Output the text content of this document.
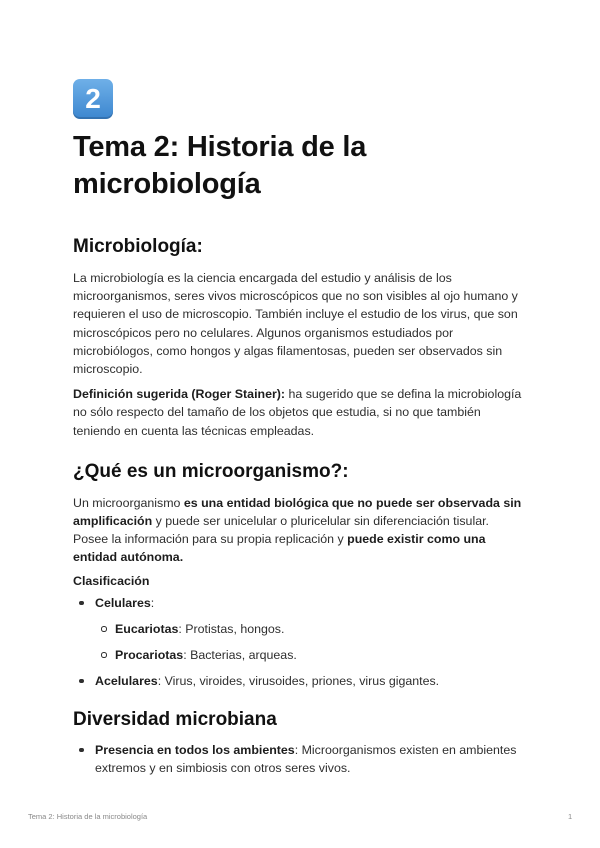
2
Tema 2: Historia de la microbiología
Microbiología:

La microbiología es la ciencia encargada del estudio y análisis de los microorganismos, seres vivos microscópicos que no son visibles al ojo humano y requieren el uso de microscopio. También incluye el estudio de los virus, que son microscópicos pero no celulares. Algunos organismos estudiados por microbiólogos, como hongos y algas filamentosas, pueden ser observados sin microscopio.

Definición sugerida (Roger Stainer): ha sugerido que se defina la microbiología no sólo respecto del tamaño de los objetos que estudia, si no que también teniendo en cuenta las técnicas empleadas.

¿Qué es un microorganismo?:

Un microorganismo es una entidad biológica que no puede ser observada sin amplificación y puede ser unicelular o pluricelular sin diferenciación tisular. Posee la información para su propia replicación y puede existir como una entidad autónoma.

Clasificación
Celulares:
Eucariotas: Protistas, hongos.
Procariotas: Bacterias, arqueas.
Acelulares: Virus, viroides, virusoides, priones, virus gigantes.
Diversidad microbiana
Presencia en todos los ambientes: Microorganismos existen en ambientes extremos y en simbiosis con otros seres vivos.
Tema 2: Historia de la microbiología	1
